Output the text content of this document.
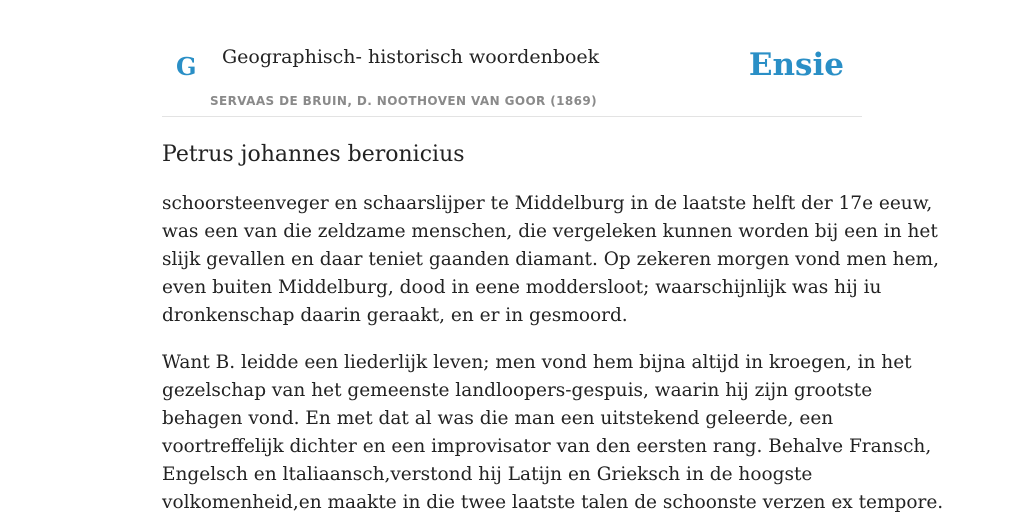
G Geographisch- historisch woordenboek
SERVAAS DE BRUIN, D. NOOTHOVEN VAN GOOR (1869)
Ensie
Petrus johannes beronicius

schoorsteenveger en schaarslijper te Middelburg in de laatste helft der 17e eeuw,
was een van die zeldzame menschen, die vergeleken kunnen worden bij een in het
slijk gevallen en daar teniet gaanden diamant. Op zekeren morgen vond men hem,
even buiten Middelburg, dood in eene moddersloot; waarschijnlijk was hij iu
dronkenschap daarin geraakt, en er in gesmoord.

Want B. leidde een liederlijk leven; men vond hem bijna altijd in kroegen, in het
gezelschap van het gemeenste landloopers-gespuis, waarin hij zijn grootste
behagen vond. En met dat al was die man een uitstekend geleerde, een
voortreffelijk dichter en een improvisator van den eersten rang. Behalve Fransch,
Engelsch en ltaliaansch,verstond hij Latijn en Grieksch in de hoogste
volkomenheid,en maakte in die twee laatste talen de schoonste verzen ex tempore.
